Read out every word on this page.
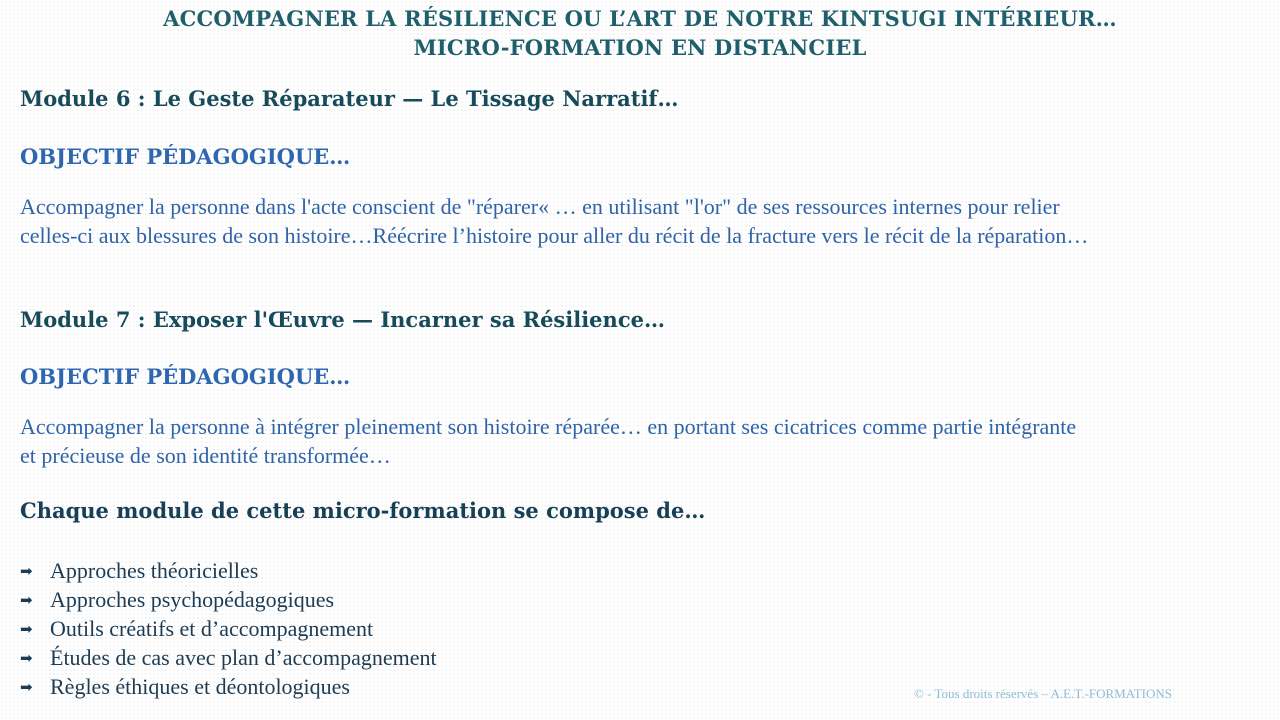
ACCOMPAGNER LA RÉSILIENCE OU L’ART DE NOTRE KINTSUGI INTÉRIEUR…
MICRO-FORMATION EN DISTANCIEL
Module 6 : Le Geste Réparateur — Le Tissage Narratif…
OBJECTIF PÉDAGOGIQUE…
Accompagner la personne dans l'acte conscient de "réparer« … en utilisant "l'or" de ses ressources internes pour relier
celles-ci aux blessures de son histoire…Réécrire l’histoire pour aller du récit de la fracture vers le récit de la réparation…
Module 7 : Exposer l'Œuvre — Incarner sa Résilience…
OBJECTIF PÉDAGOGIQUE…
Accompagner la personne à intégrer pleinement son histoire réparée… en portant ses cicatrices comme partie intégrante
et précieuse de son identité transformée…
Chaque module de cette micro-formation se compose de…
➡ Approches théoricielles
➡ Approches psychopédagogiques
➡ Outils créatifs et d’accompagnement
➡ Études de cas avec plan d’accompagnement
➡ Règles éthiques et déontologiques	© - Tous droits réservés – A.E.T.-FORMATIONS
